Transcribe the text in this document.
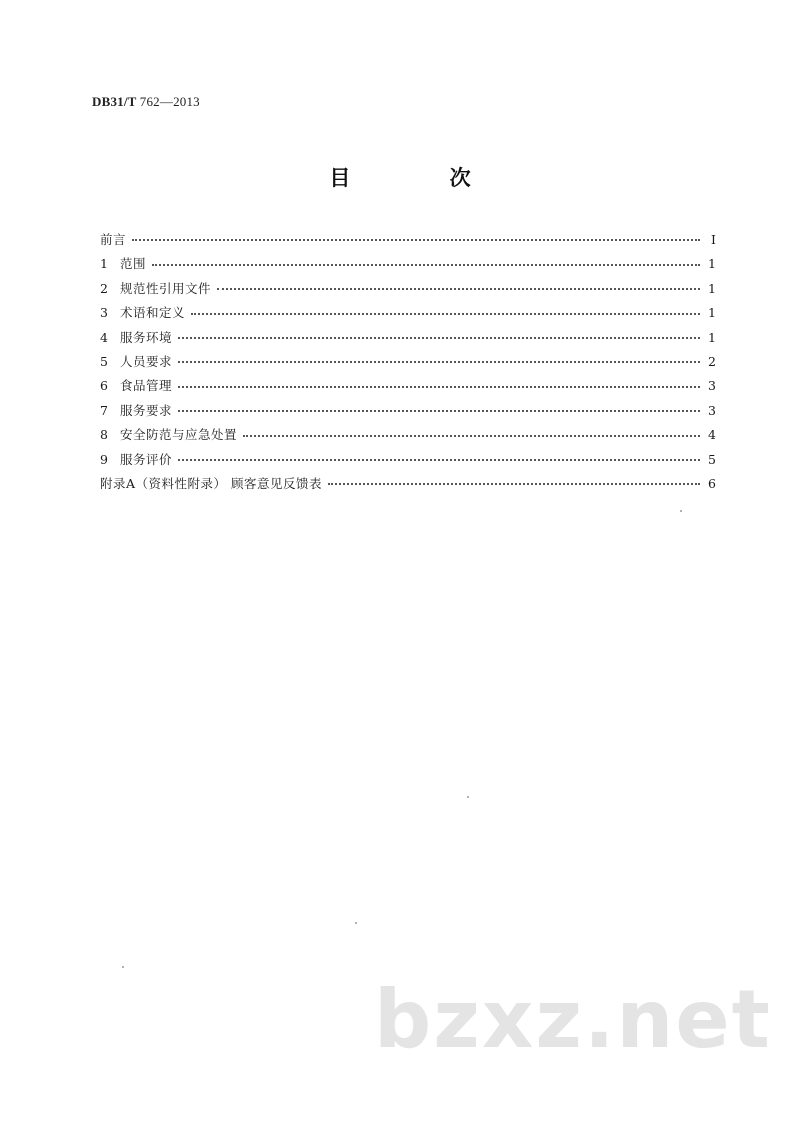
DB31/T 762—2013
目 次
前言	Ⅰ
1 范围	1
2 规范性引用文件	1
3 术语和定义	1
4 服务环境	1
5 人员要求	2
6 食品管理	3
7 服务要求	3
8 安全防范与应急处置	4
9 服务评价	5
附录A（资料性附录） 顾客意见反馈表	6
bzxz.net
